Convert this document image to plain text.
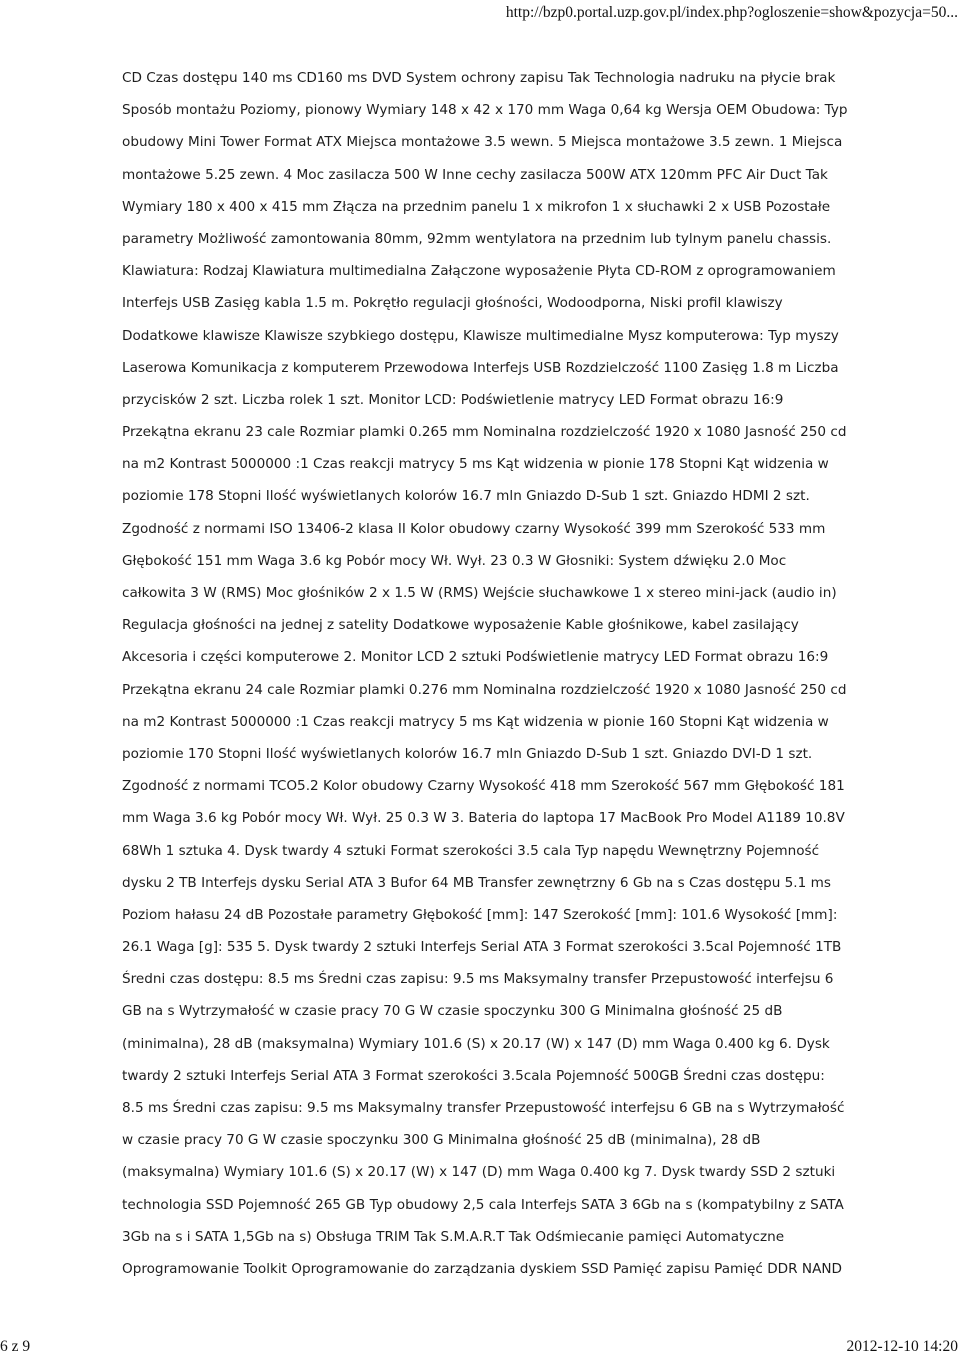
http://bzp0.portal.uzp.gov.pl/index.php?ogloszenie=show&pozycja=50...
CD Czas dostępu 140 ms CD160 ms DVD System ochrony zapisu Tak Technologia nadruku na płycie brak
Sposób montażu Poziomy, pionowy Wymiary 148 x 42 x 170 mm Waga 0,64 kg Wersja OEM Obudowa: Typ
obudowy Mini Tower Format ATX Miejsca montażowe 3.5 wewn. 5 Miejsca montażowe 3.5 zewn. 1 Miejsca
montażowe 5.25 zewn. 4 Moc zasilacza 500 W Inne cechy zasilacza 500W ATX 120mm PFC Air Duct Tak
Wymiary 180 x 400 x 415 mm Złącza na przednim panelu 1 x mikrofon 1 x słuchawki 2 x USB Pozostałe
parametry Możliwość zamontowania 80mm, 92mm wentylatora na przednim lub tylnym panelu chassis.
Klawiatura: Rodzaj Klawiatura multimedialna Załączone wyposażenie Płyta CD-ROM z oprogramowaniem
Interfejs USB Zasięg kabla 1.5 m. Pokrętło regulacji głośności, Wodoodporna, Niski profil klawiszy
Dodatkowe klawisze Klawisze szybkiego dostępu, Klawisze multimedialne Mysz komputerowa: Typ myszy
Laserowa Komunikacja z komputerem Przewodowa Interfejs USB Rozdzielczość 1100 Zasięg 1.8 m Liczba
przycisków 2 szt. Liczba rolek 1 szt. Monitor LCD: Podświetlenie matrycy LED Format obrazu 16:9
Przekątna ekranu 23 cale Rozmiar plamki 0.265 mm Nominalna rozdzielczość 1920 x 1080 Jasność 250 cd
na m2 Kontrast 5000000 :1 Czas reakcji matrycy 5 ms Kąt widzenia w pionie 178 Stopni Kąt widzenia w
poziomie 178 Stopni Ilość wyświetlanych kolorów 16.7 mln Gniazdo D-Sub 1 szt. Gniazdo HDMI 2 szt.
Zgodność z normami ISO 13406-2 klasa II Kolor obudowy czarny Wysokość 399 mm Szerokość 533 mm
Głębokość 151 mm Waga 3.6 kg Pobór mocy Wł. Wył. 23 0.3 W Głosniki: System dźwięku 2.0 Moc
całkowita 3 W (RMS) Moc głośników 2 x 1.5 W (RMS) Wejście słuchawkowe 1 x stereo mini-jack (audio in)
Regulacja głośności na jednej z satelity Dodatkowe wyposażenie Kable głośnikowe, kabel zasilający
Akcesoria i części komputerowe 2. Monitor LCD 2 sztuki Podświetlenie matrycy LED Format obrazu 16:9
Przekątna ekranu 24 cale Rozmiar plamki 0.276 mm Nominalna rozdzielczość 1920 x 1080 Jasność 250 cd
na m2 Kontrast 5000000 :1 Czas reakcji matrycy 5 ms Kąt widzenia w pionie 160 Stopni Kąt widzenia w
poziomie 170 Stopni Ilość wyświetlanych kolorów 16.7 mln Gniazdo D-Sub 1 szt. Gniazdo DVI-D 1 szt.
Zgodność z normami TCO5.2 Kolor obudowy Czarny Wysokość 418 mm Szerokość 567 mm Głębokość 181
mm Waga 3.6 kg Pobór mocy Wł. Wył. 25 0.3 W 3. Bateria do laptopa 17 MacBook Pro Model A1189 10.8V
68Wh 1 sztuka 4. Dysk twardy 4 sztuki Format szerokości 3.5 cala Typ napędu Wewnętrzny Pojemność
dysku 2 TB Interfejs dysku Serial ATA 3 Bufor 64 MB Transfer zewnętrzny 6 Gb na s Czas dostępu 5.1 ms
Poziom hałasu 24 dB Pozostałe parametry Głębokość [mm]: 147 Szerokość [mm]: 101.6 Wysokość [mm]:
26.1 Waga [g]: 535 5. Dysk twardy 2 sztuki Interfejs Serial ATA 3 Format szerokości 3.5cal Pojemność 1TB
Średni czas dostępu: 8.5 ms Średni czas zapisu: 9.5 ms Maksymalny transfer Przepustowość interfejsu 6
GB na s Wytrzymałość w czasie pracy 70 G W czasie spoczynku 300 G Minimalna głośność 25 dB
(minimalna), 28 dB (maksymalna) Wymiary 101.6 (S) x 20.17 (W) x 147 (D) mm Waga 0.400 kg 6. Dysk
twardy 2 sztuki Interfejs Serial ATA 3 Format szerokości 3.5cala Pojemność 500GB Średni czas dostępu:
8.5 ms Średni czas zapisu: 9.5 ms Maksymalny transfer Przepustowość interfejsu 6 GB na s Wytrzymałość
w czasie pracy 70 G W czasie spoczynku 300 G Minimalna głośność 25 dB (minimalna), 28 dB
(maksymalna) Wymiary 101.6 (S) x 20.17 (W) x 147 (D) mm Waga 0.400 kg 7. Dysk twardy SSD 2 sztuki
technologia SSD Pojemność 265 GB Typ obudowy 2,5 cala Interfejs SATA 3 6Gb na s (kompatybilny z SATA
3Gb na s i SATA 1,5Gb na s) Obsługa TRIM Tak S.M.A.R.T Tak Odśmiecanie pamięci Automatyczne
Oprogramowanie Toolkit Oprogramowanie do zarządzania dyskiem SSD Pamięć zapisu Pamięć DDR NAND
6 z 9	2012-12-10 14:20
